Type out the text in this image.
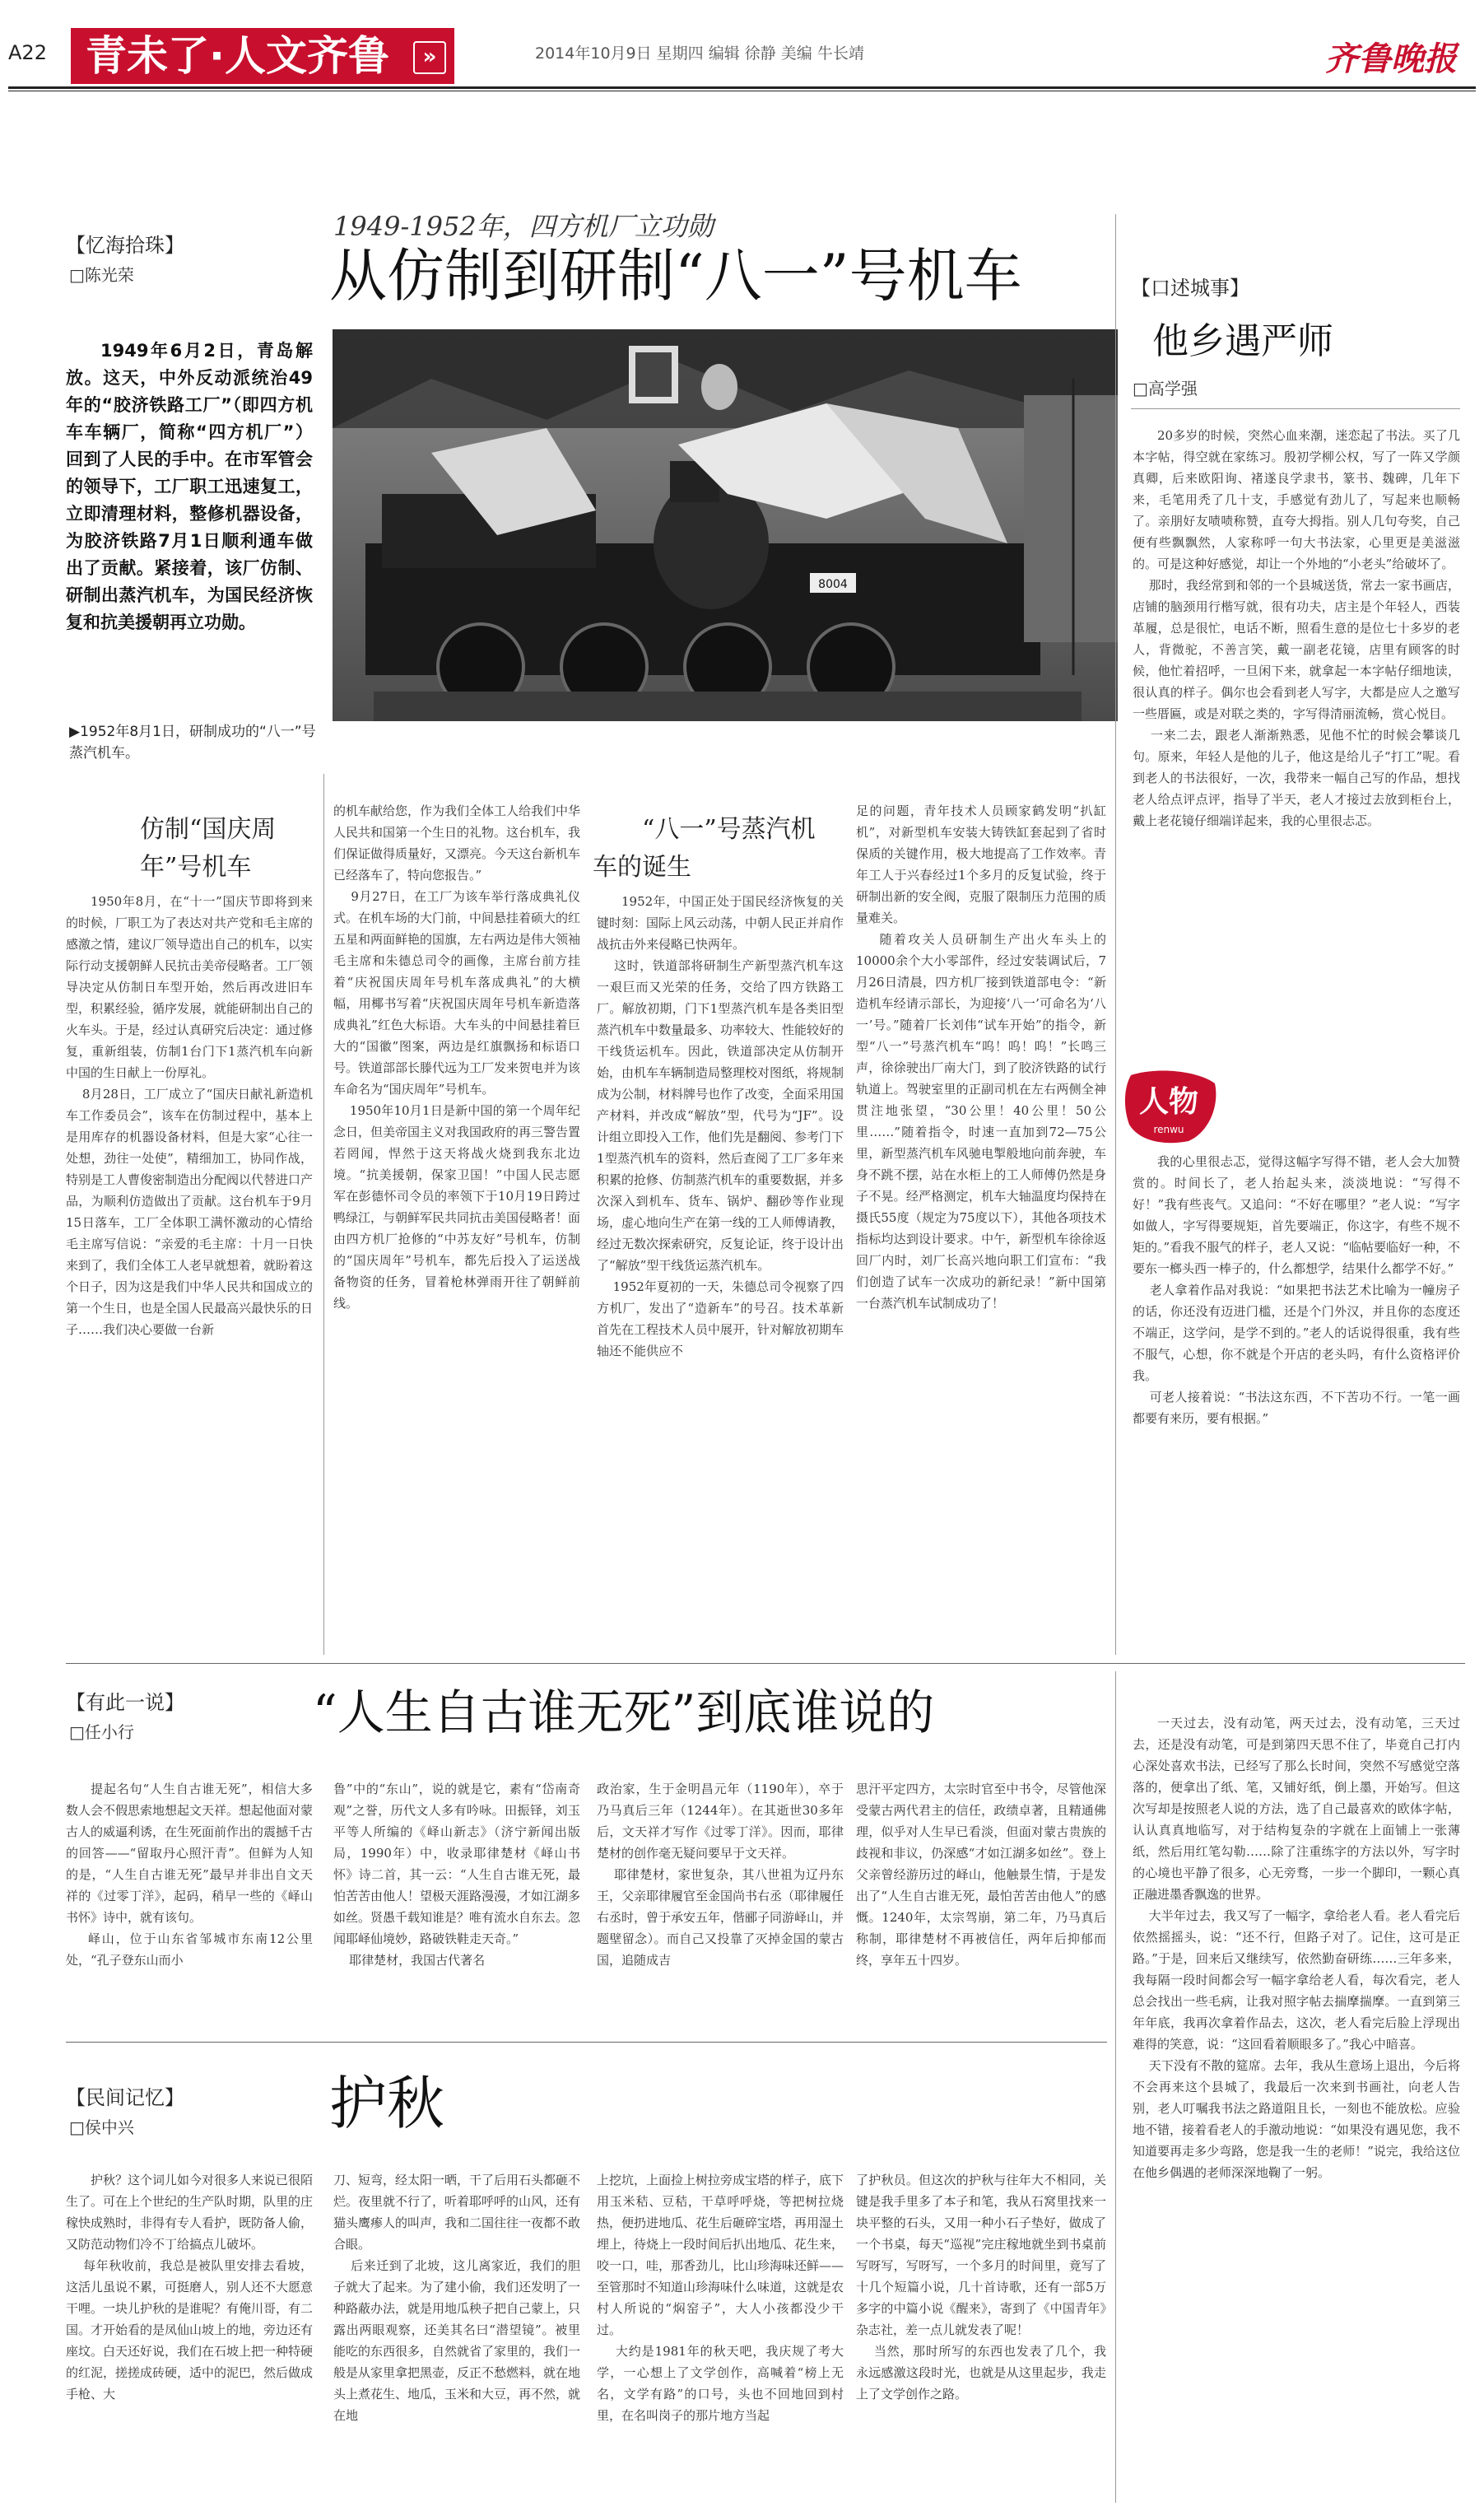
A22 青未了·人文齐鲁	»	2014年10月9日 星期四 编辑 徐静 美编 牛长靖	齐鲁晚报
【忆海拾珠】
□陈光荣
1949-1952年，四方机厂立功勋
从仿制到研制“八一”号机车
1949年6月2日，青岛解放。这天，中外反动派统治49年的“胶济铁路工厂”（即四方机车车辆厂，简称“四方机厂”）回到了人民的手中。在市军管会的领导下，工厂职工迅速复工，立即清理材料，整修机器设备，为胶济铁路7月1日顺利通车做出了贡献。紧接着，该厂仿制、研制出蒸汽机车，为国民经济恢复和抗美援朝再立功勋。
▶1952年8月1日，研制成功的“八一”号蒸汽机车。
8004
仿制“国庆周年”号机车
1950年8月，在“十一”国庆节即将到来的时候，厂职工为了表达对共产党和毛主席的感激之情，建议厂领导造出自己的机车，以实际行动支援朝鲜人民抗击美帝侵略者。工厂领导决定从仿制日车型开始，然后再改进旧车型，积累经验，循序发展，就能研制出自己的火车头。于是，经过认真研究后决定：通过修复，重新组装，仿制1台门下1蒸汽机车向新中国的生日献上一份厚礼。
8月28日，工厂成立了“国庆日献礼新造机车工作委员会”，该车在仿制过程中，基本上是用库存的机器设备材料，但是大家“心往一处想，劲往一处使”，精细加工，协同作战，特别是工人曹俊密制造出分配阀以代替进口产品，为顺利仿造做出了贡献。这台机车于9月15日落车，工厂全体职工满怀激动的心情给毛主席写信说：“亲爱的毛主席：十月一日快来到了，我们全体工人老早就想着，就盼着这个日子，因为这是我们中华人民共和国成立的第一个生日，也是全国人民最高兴最快乐的日子……我们决心要做一台新
的机车献给您，作为我们全体工人给我们中华人民共和国第一个生日的礼物。这台机车，我们保证做得质量好，又漂亮。今天这台新机车已经落车了，特向您报告。”
9月27日，在工厂为该车举行落成典礼仪式。在机车场的大门前，中间悬挂着硕大的红五星和两面鲜艳的国旗，左右两边是伟大领袖毛主席和朱德总司令的画像，主席台前方挂着“庆祝国庆周年号机车落成典礼”的大横幅，用椰书写着“庆祝国庆周年号机车新造落成典礼”红色大标语。大车头的中间悬挂着巨大的“国徽”图案，两边是红旗飘扬和标语口号。铁道部部长滕代远为工厂发来贺电并为该车命名为“国庆周年”号机车。
1950年10月1日是新中国的第一个周年纪念日，但美帝国主义对我国政府的再三警告置若罔闻，悍然于这天将战火烧到我东北边境。“抗美援朝，保家卫国！”中国人民志愿军在彭德怀司令员的率领下于10月19日跨过鸭绿江，与朝鲜军民共同抗击美国侵略者！面由四方机厂抢修的“中苏友好”号机车，仿制的“国庆周年”号机车，都先后投入了运送战备物资的任务，冒着枪林弹雨开往了朝鲜前线。
“八一”号蒸汽机车的诞生
1952年，中国正处于国民经济恢复的关键时刻：国际上风云动荡，中朝人民正并肩作战抗击外来侵略已快两年。
这时，铁道部将研制生产新型蒸汽机车这一艰巨而又光荣的任务，交给了四方铁路工厂。解放初期，门下1型蒸汽机车是各类旧型蒸汽机车中数量最多、功率较大、性能较好的干线货运机车。因此，铁道部决定从仿制开始，由机车车辆制造局整理校对图纸，将规制成为公制，材料牌号也作了改变，全面采用国产材料，并改成“解放”型，代号为“JF”。设计组立即投入工作，他们先是翻阅、参考门下1型蒸汽机车的资料，然后查阅了工厂多年来积累的抢修、仿制蒸汽机车的重要数据，并多次深入到机车、货车、锅炉、翻砂等作业现场，虚心地向生产在第一线的工人师傅请教，经过无数次探索研究，反复论证，终于设计出了“解放”型干线货运蒸汽机车。
1952年夏初的一天，朱德总司令视察了四方机厂，发出了“造新车”的号召。技术革新首先在工程技术人员中展开，针对解放初期车轴还不能供应不
足的问题，青年技术人员顾家鹤发明“扒缸机”，对新型机车安装大铸铁缸套起到了省时保质的关键作用，极大地提高了工作效率。青年工人于兴春经过1个多月的反复试验，终于研制出新的安全阀，克服了限制压力范围的质量难关。
随着攻关人员研制生产出火车头上的10000余个大小零部件，经过安装调试后，7月26日清晨，四方机厂接到铁道部电令：“新造机车经请示部长，为迎接‘八一’可命名为‘八一’号。”随着厂长刘伟“试车开始”的指令，新型“八一”号蒸汽机车“呜！呜！呜！”长鸣三声，徐徐驶出厂南大门，到了胶济铁路的试行轨道上。驾驶室里的正副司机在左右两侧全神贯注地张望，“30公里！40公里！50公里……”随着指令，时速一直加到72—75公里，新型蒸汽机车风驰电掣般地向前奔驶，车身不跳不摆，站在水柜上的工人师傅仍然是身子不晃。经严格测定，机车大轴温度均保持在摄氏55度（规定为75度以下），其他各项技术指标均达到设计要求。中午，新型机车徐徐返回厂内时，刘厂长高兴地向职工们宣布：“我们创造了试车一次成功的新纪录！”新中国第一台蒸汽机车试制成功了！
【口述城事】
他乡遇严师
□高学强
20多岁的时候，突然心血来潮，迷恋起了书法。买了几本字帖，得空就在家练习。殷初学柳公权，写了一阵又学颜真卿，后来欧阳询、褚遂良学隶书，篆书、魏碑，几年下来，毛笔用秃了几十支，手感觉有劲儿了，写起来也顺畅了。亲朋好友啧啧称赞，直夸大拇指。别人几句夸奖，自己便有些飘飘然，人家称呼一句大书法家，心里更是美滋滋的。可是这种好感觉，却让一个外地的“小老头”给破坏了。
那时，我经常到和邻的一个县城送货，常去一家书画店，店铺的脑颈用行楷写就，很有功夫，店主是个年轻人，西装革履，总是很忙，电话不断，照看生意的是位七十多岁的老人，背微驼，不善言笑，戴一副老花镜，店里有顾客的时候，他忙着招呼，一旦闲下来，就拿起一本字帖仔细地读，很认真的样子。偶尔也会看到老人写字，大都是应人之邀写一些厝匾，或是对联之类的，字写得清丽流畅，赏心悦目。
一来二去，跟老人渐渐熟悉，见他不忙的时候会攀谈几句。原来，年轻人是他的儿子，他这是给儿子“打工”呢。看到老人的书法很好，一次，我带来一幅自己写的作品，想找老人给点评点评，指导了半天，老人才接过去放到柜台上，戴上老花镜仔细端详起来，我的心里很忐忑。
人物
renwu
我的心里很忐忑，觉得这幅字写得不错，老人会大加赞赏的。时间长了，老人抬起头来，淡淡地说：“写得不好！”我有些丧气。又追问：“不好在哪里？”老人说：“写字如做人，字写得要规矩，首先要端正，你这字，有些不规不矩的。”看我不服气的样子，老人又说：“临帖要临好一种，不要东一榔头西一棒子的，什么都想学，结果什么都学不好。”
老人拿着作品对我说：“如果把书法艺术比喻为一幢房子的话，你还没有迈进门槛，还是个门外汉，并且你的态度还不端正，这学问，是学不到的。”老人的话说得很重，我有些不服气，心想，你不就是个开店的老头吗，有什么资格评价我。
可老人接着说：“书法这东西，不下苦功不行。一笔一画都要有来历，要有根据。”
一天过去，没有动笔，两天过去，没有动笔，三天过去，还是没有动笔，可是到第四天思不住了，毕竟自己打内心深处喜欢书法，已经写了那么长时间，突然不写感觉空落落的，便拿出了纸、笔，又铺好纸，倒上墨，开始写。但这次写却是按照老人说的方法，选了自己最喜欢的欧体字帖，认认真真地临写，对于结构复杂的字就在上面铺上一张薄纸，然后用红笔勾勒……除了注重练字的方法以外，写字时的心境也平静了很多，心无旁骛，一步一个脚印，一颗心真正融进墨香飘逸的世界。
大半年过去，我又写了一幅字，拿给老人看。老人看完后依然摇摇头，说：“还不行，但路子对了。记住，这可是正路。”于是，回来后又继续写，依然勤奋研练……三年多来，我每隔一段时间都会写一幅字拿给老人看，每次看完，老人总会找出一些毛病，让我对照字帖去揣摩揣摩。一直到第三年年底，我再次拿着作品去，这次，老人看完后脸上浮现出难得的笑意，说：“这回看着顺眼多了。”我心中暗喜。
天下没有不散的筵席。去年，我从生意场上退出，今后将不会再来这个县城了，我最后一次来到书画社，向老人告别，老人叮嘱我书法之路道阻且长，一刻也不能放松。应验地不错，接着看老人的手激动地说：“如果没有遇见您，我不知道要再走多少弯路，您是我一生的老师！”说完，我给这位在他乡偶遇的老师深深地鞠了一躬。
【有此一说】
□任小行	“人生自古谁无死”到底谁说的
提起名句“人生自古谁无死”，相信大多数人会不假思索地想起文天祥。想起他面对蒙古人的威逼利诱，在生死面前作出的震撼千古的回答——“留取丹心照汗青”。但鲜为人知的是，“人生自古谁无死”最早并非出自文天祥的《过零丁洋》，起码，稍早一些的《峄山书怀》诗中，就有该句。
峄山，位于山东省邹城市东南12公里处，“孔子登东山而小
鲁”中的“东山”，说的就是它，素有“岱南奇观”之誉，历代文人多有吟咏。田振铎，刘玉平等人所编的《峄山新志》（济宁新闻出版局，1990年）中，收录耶律楚材《峄山书怀》诗二首，其一云：“人生自古谁无死，最怕苦苦由他人！望极天涯路漫漫，才如江湖多如丝。贤愚千载知谁是？唯有流水自东去。忽闻耶峄仙境妙，路破铁鞋走天奇。”
耶律楚材，我国古代著名
政治家，生于金明昌元年（1190年），卒于乃马真后三年（1244年）。在其逝世30多年后，文天祥才写作《过零丁洋》。因而，耶律楚材的创作毫无疑问要早于文天祥。
耶律楚材，家世复杂，其八世祖为辽丹东王，父亲耶律履官至金国尚书右丞（耶律履任右丞时，曾于承安五年，偕郦子同游峄山，并题壁留念）。而自己又投靠了灭掉金国的蒙古国，追随成吉
思汗平定四方，太宗时官至中书令，尽管他深受蒙古两代君主的信任，政绩卓著，且精通佛理，似乎对人生早已看淡，但面对蒙古贵族的歧视和非议，仍深感“才如江湖多如丝”。登上父亲曾经游历过的峄山，他触景生情，于是发出了“人生自古谁无死，最怕苦苦由他人”的感慨。1240年，太宗驾崩，第二年，乃马真后称制，耶律楚材不再被信任，两年后抑郁而终，享年五十四岁。
【民间记忆】
□侯中兴	护秋
护秋？这个词儿如今对很多人来说已很陌生了。可在上个世纪的生产队时期，队里的庄稼快成熟时，非得有专人看护，既防备人偷，又防范动物们冷不丁给搞点儿破坏。
每年秋收前，我总是被队里安排去看坡，这活儿虽说不累，可挺磨人，别人还不大愿意干哩。一块儿护秋的是谁呢？有俺川哥，有二国。才开始看的是凤仙山坡上的地，旁边还有座坟。白天还好说，我们在石坡上把一种特硬的红泥，搓搓成砖硬，适中的泥巴，然后做成手枪、大
刀、短弯，经太阳一晒，干了后用石头都砸不烂。夜里就不行了，听着耶呼呼的山风，还有猫头鹰瘆人的叫声，我和二国往往一夜都不敢合眼。
后来迁到了北坡，这儿离家近，我们的胆子就大了起来。为了建小偷，我们还发明了一种路蔽办法，就是用地瓜秧子把自己蒙上，只露出两眼观察，还美其名曰“潜望镜”。被里能吃的东西很多，自然就省了家里的，我们一般是从家里拿把黑壶，反正不愁燃料，就在地头上煮花生、地瓜，玉米和大豆，再不然，就在地
上挖坑，上面捡上树拉旁成宝塔的样子，底下用玉米秸、豆秸，干草呼呼烧，等把树拉烧热，便扔进地瓜、花生后砸碎宝塔，再用湿土埋上，待烧上一段时间后扒出地瓜、花生来，咬一口，哇，那香劲儿，比山珍海味还鲜——至管那时不知道山珍海味什么味道，这就是农村人所说的“焖窑子”，大人小孩都没少干过。
大约是1981年的秋天吧，我庆规了考大学，一心想上了文学创作，高喊着“榜上无名，文学有路”的口号，头也不回地回到村里，在名叫岗子的那片地方当起
了护秋员。但这次的护秋与往年大不相同，关键是我手里多了本子和笔，我从石窝里找来一块平整的石头，又用一种小石子垫好，做成了一个书桌，每天“巡视”完庄稼地就坐到书桌前写呀写，写呀写，一个多月的时间里，竟写了十几个短篇小说，几十首诗歌，还有一部5万多字的中篇小说《醒来》，寄到了《中国青年》杂志社，差一点儿就发表了呢！
当然，那时所写的东西也发表了几个，我永远感激这段时光，也就是从这里起步，我走上了文学创作之路。
